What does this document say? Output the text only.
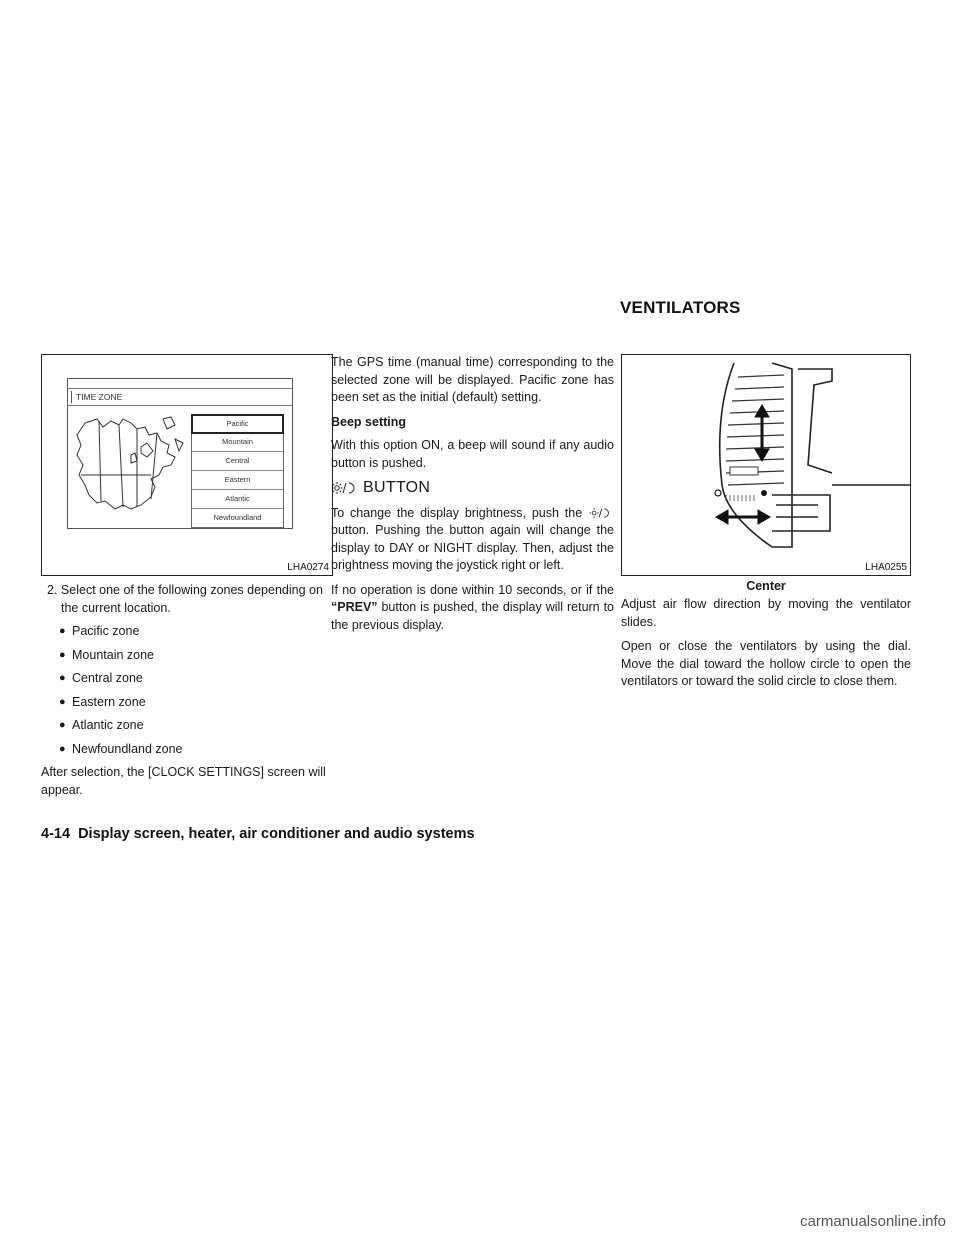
VENTILATORS
TIME ZONE
Pacific
Mountain
Central
Eastern
Atlantic
Newfoundland
LHA0274	LHA0255
Center

2. Select one of the following zones depending on the current location.

● Pacific zone
● Mountain zone
● Central zone
● Eastern zone
● Atlantic zone
● Newfoundland zone

After selection, the [CLOCK SETTINGS] screen will appear.

The GPS time (manual time) corresponding to the selected zone will be displayed. Pacific zone has been set as the initial (default) setting.

Beep setting

With this option ON, a beep will sound if any audio button is pushed.

BUTTON

To change the display brightness, push the  button. Pushing the button again will change the display to DAY or NIGHT display. Then, adjust the brightness moving the joystick right or left.

If no operation is done within 10 seconds, or if the “PREV” button is pushed, the display will return to the previous display.

Adjust air flow direction by moving the ventilator slides.

Open or close the ventilators by using the dial. Move the dial toward the hollow circle to open the ventilators or toward the solid circle to close them.

4-14 Display screen, heater, air conditioner and audio systems
carmanualsonline.info
